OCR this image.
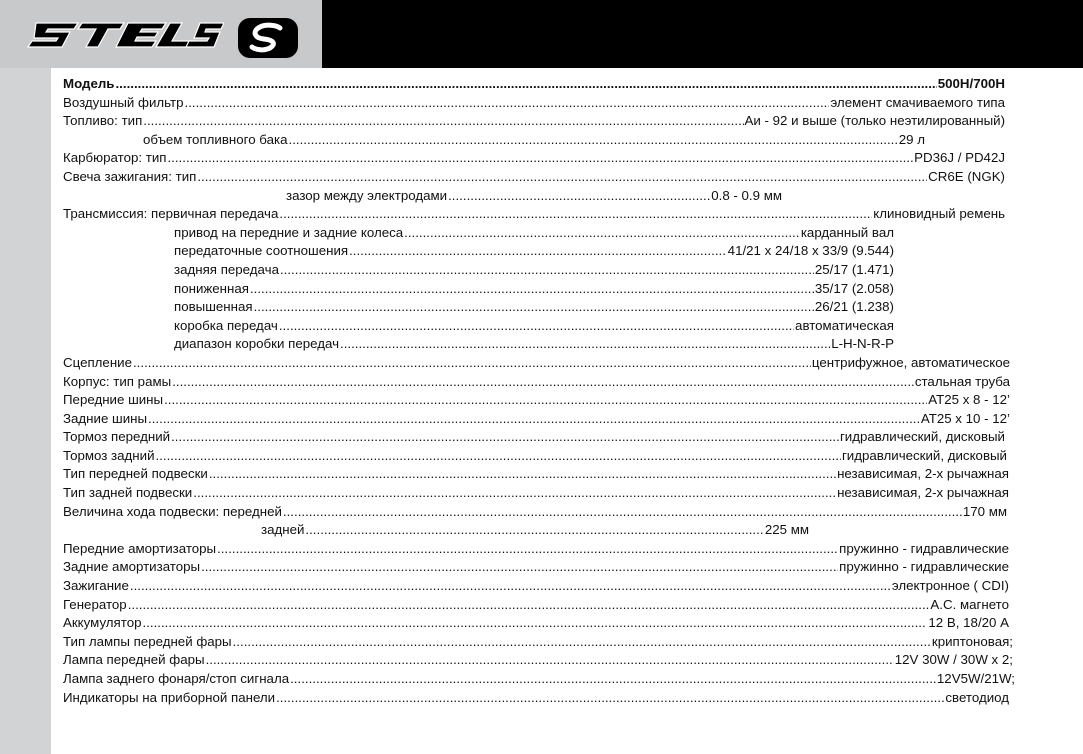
Модель .....	500H/700H
Воздушный фильтр .....	элемент смачиваемого типа
Топливо: тип .....	Аи - 92 и выше (только неэтилированный)
объем топливного бака .....	29 л
Карбюратор: тип .....	PD36J / PD42J
Свеча зажигания: тип .....	CR6E (NGK)
зазор между электродами .....	0.8 - 0.9 мм
Трансмиссия: первичная передача .....	клиновидный ремень
привод на передние и задние колеса .....	карданный вал
передаточные соотношения .....	41/21 x 24/18 x 33/9 (9.544)
задняя передача .....	25/17 (1.471)
пониженная .....	35/17 (2.058)
повышенная .....	26/21 (1.238)
коробка передач .....	автоматическая
диапазон коробки передач .....	L-H-N-R-P
Сцепление .....	центрифужное, автоматическое
Корпус: тип рамы .....	стальная труба
Передние шины .....	AT25 x 8 - 12’
Задние шины .....	AT25 x 10 - 12’
Тормоз передний .....	гидравлический, дисковый
Тормоз задний .....	гидравлический, дисковый
Тип передней подвески .....	независимая, 2-х рычажная
Тип задней подвески .....	независимая, 2-х рычажная
Величина хода подвески: передней .....	170 мм
задней .....	225 мм
Передние амортизаторы .....	пружинно - гидравлические
Задние амортизаторы .....	пружинно - гидравлические
Зажигание .....	электронное ( CDI)
Генератор .....	A.C. магнето
Аккумулятор .....	12 В, 18/20 А
Тип лампы передней фары .....	криптоновая;
Лампа передней фары .....	12V 30W / 30W x 2;
Лампа заднего фонаря/стоп сигнала .....	12V5W/21W;
Индикаторы на приборной панели .....	светодиод
